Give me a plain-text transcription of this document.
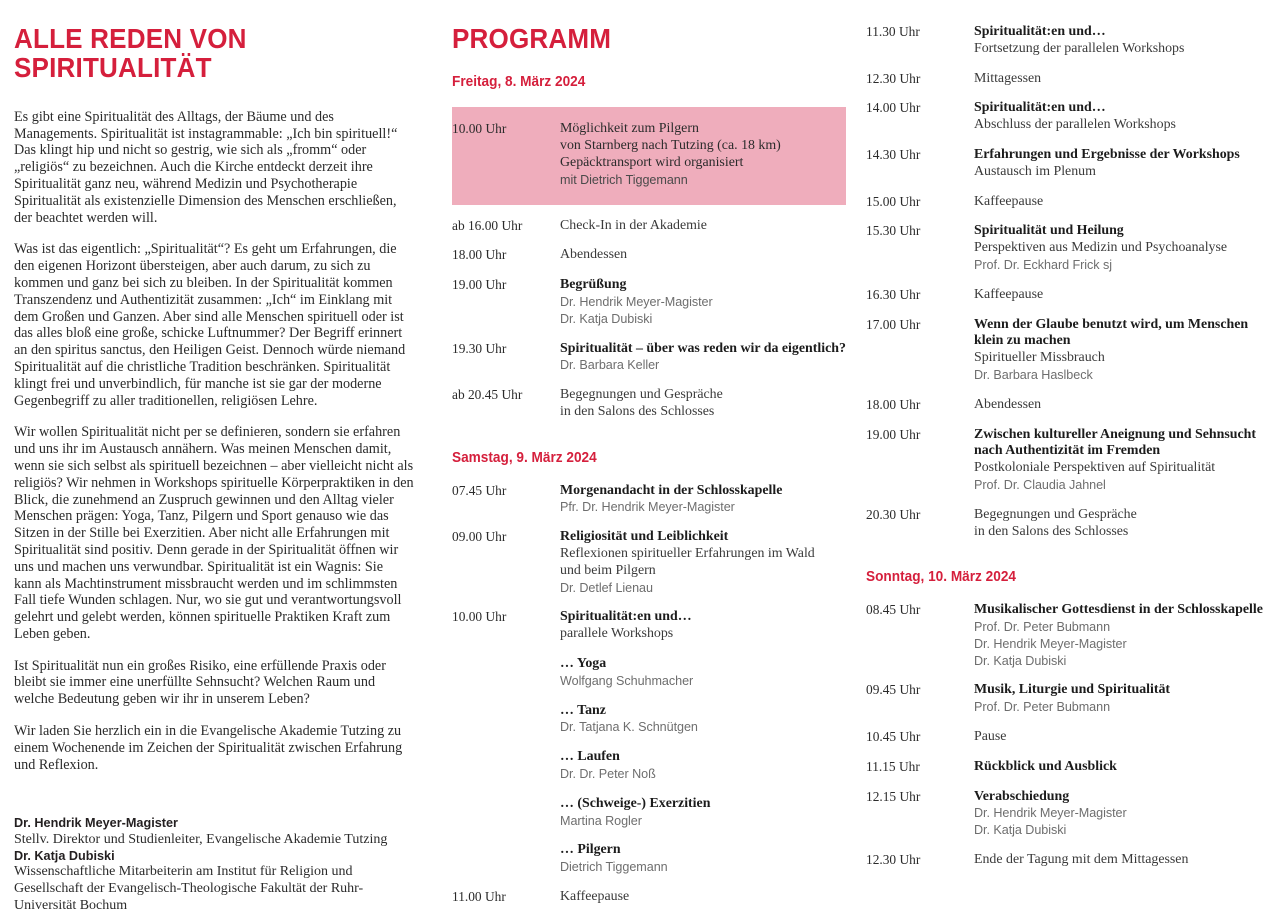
ALLE REDEN VON SPIRITUALITÄT

Es gibt eine Spiritualität des Alltags, der Bäume und des Managements. Spiritualität ist instagrammable: „Ich bin spirituell!“ Das klingt hip und nicht so gestrig, wie sich als „fromm“ oder „religiös“ zu bezeichnen. Auch die Kirche entdeckt derzeit ihre Spiritualität ganz neu, während Medizin und Psychotherapie Spiritualität als existenzielle Dimension des Menschen erschließen, der beachtet werden will.

Was ist das eigentlich: „Spiritualität“? Es geht um Erfahrungen, die den eigenen Horizont übersteigen, aber auch darum, zu sich zu kommen und ganz bei sich zu bleiben. In der Spiritualität kommen Transzendenz und Authentizität zusammen: „Ich“ im Einklang mit dem Großen und Ganzen. Aber sind alle Menschen spirituell oder ist das alles bloß eine große, schicke Luftnummer? Der Begriff erinnert an den spiritus sanctus, den Heiligen Geist. Dennoch würde niemand Spiritualität auf die christliche Tradition beschränken. Spiritualität klingt frei und unverbindlich, für manche ist sie gar der moderne Gegenbegriff zu aller traditionellen, religiösen Lehre.

Wir wollen Spiritualität nicht per se definieren, sondern sie erfahren und uns ihr im Austausch annähern. Was meinen Menschen damit, wenn sie sich selbst als spirituell bezeichnen – aber vielleicht nicht als religiös? Wir nehmen in Workshops spirituelle Körperpraktiken in den Blick, die zunehmend an Zuspruch gewinnen und den Alltag vieler Menschen prägen: Yoga, Tanz, Pilgern und Sport genauso wie das Sitzen in der Stille bei Exerzitien. Aber nicht alle Erfahrungen mit Spiritualität sind positiv. Denn gerade in der Spiritualität öffnen wir uns und machen uns verwundbar. Spiritualität ist ein Wagnis: Sie kann als Machtinstrument missbraucht werden und im schlimmsten Fall tiefe Wunden schlagen. Nur, wo sie gut und verantwortungsvoll gelehrt und gelebt werden, können spirituelle Praktiken Kraft zum Leben geben.

Ist Spiritualität nun ein großes Risiko, eine erfüllende Praxis oder bleibt sie immer eine unerfüllte Sehnsucht? Welchen Raum und welche Bedeutung geben wir ihr in unserem Leben?

Wir laden Sie herzlich ein in die Evangelische Akademie Tutzing zu einem Wochenende im Zeichen der Spiritualität zwischen Erfahrung und Reflexion.

Dr. Hendrik Meyer-Magister
Stellv. Direktor und Studienleiter, Evangelische Akademie Tutzing
Dr. Katja Dubiski
Wissenschaftliche Mitarbeiterin am Institut für Religion und Gesellschaft der Evangelisch-Theologische Fakultät der Ruhr-Universität Bochum
PROGRAMM
Freitag, 8. März 2024
10.00 Uhr	Möglichkeit zum Pilgern
von Starnberg nach Tutzing (ca. 18 km)
Gepäcktransport wird organisiert
mit Dietrich Tiggemann
ab 16.00 Uhr	Check-In in der Akademie
18.00 Uhr	Abendessen
19.00 Uhr	Begrüßung
Dr. Hendrik Meyer-Magister
Dr. Katja Dubiski
19.30 Uhr	Spiritualität – über was reden wir da eigentlich?
Dr. Barbara Keller
ab 20.45 Uhr	Begegnungen und Gespräche
in den Salons des Schlosses
Samstag, 9. März 2024
07.45 Uhr	Morgenandacht in der Schlosskapelle
Pfr. Dr. Hendrik Meyer-Magister
09.00 Uhr	Religiosität und Leiblichkeit
Reflexionen spiritueller Erfahrungen im Wald
und beim Pilgern
Dr. Detlef Lienau
10.00 Uhr	Spiritualität:en und…
parallele Workshops
… Yoga
Wolfgang Schuhmacher
… Tanz
Dr. Tatjana K. Schnütgen
… Laufen
Dr. Dr. Peter Noß
… (Schweige-) Exerzitien
Martina Rogler
… Pilgern
Dietrich Tiggemann
11.00 Uhr	Kaffeepause
11.30 Uhr	Spiritualität:en und…
Fortsetzung der parallelen Workshops
12.30 Uhr	Mittagessen
14.00 Uhr	Spiritualität:en und…
Abschluss der parallelen Workshops
14.30 Uhr	Erfahrungen und Ergebnisse der Workshops
Austausch im Plenum
15.00 Uhr	Kaffeepause
15.30 Uhr	Spiritualität und Heilung
Perspektiven aus Medizin und Psychoanalyse
Prof. Dr. Eckhard Frick sj
16.30 Uhr	Kaffeepause
17.00 Uhr	Wenn der Glaube benutzt wird, um Menschen klein zu machen
Spiritueller Missbrauch
Dr. Barbara Haslbeck
18.00 Uhr	Abendessen
19.00 Uhr	Zwischen kultureller Aneignung und Sehnsucht nach Authentizität im Fremden
Postkoloniale Perspektiven auf Spiritualität
Prof. Dr. Claudia Jahnel
20.30 Uhr	Begegnungen und Gespräche
in den Salons des Schlosses
Sonntag, 10. März 2024
08.45 Uhr	Musikalischer Gottesdienst in der Schlosskapelle
Prof. Dr. Peter Bubmann
Dr. Hendrik Meyer-Magister
Dr. Katja Dubiski
09.45 Uhr	Musik, Liturgie und Spiritualität
Prof. Dr. Peter Bubmann
10.45 Uhr	Pause
11.15 Uhr	Rückblick und Ausblick
12.15 Uhr	Verabschiedung
Dr. Hendrik Meyer-Magister
Dr. Katja Dubiski
12.30 Uhr	Ende der Tagung mit dem Mittagessen
